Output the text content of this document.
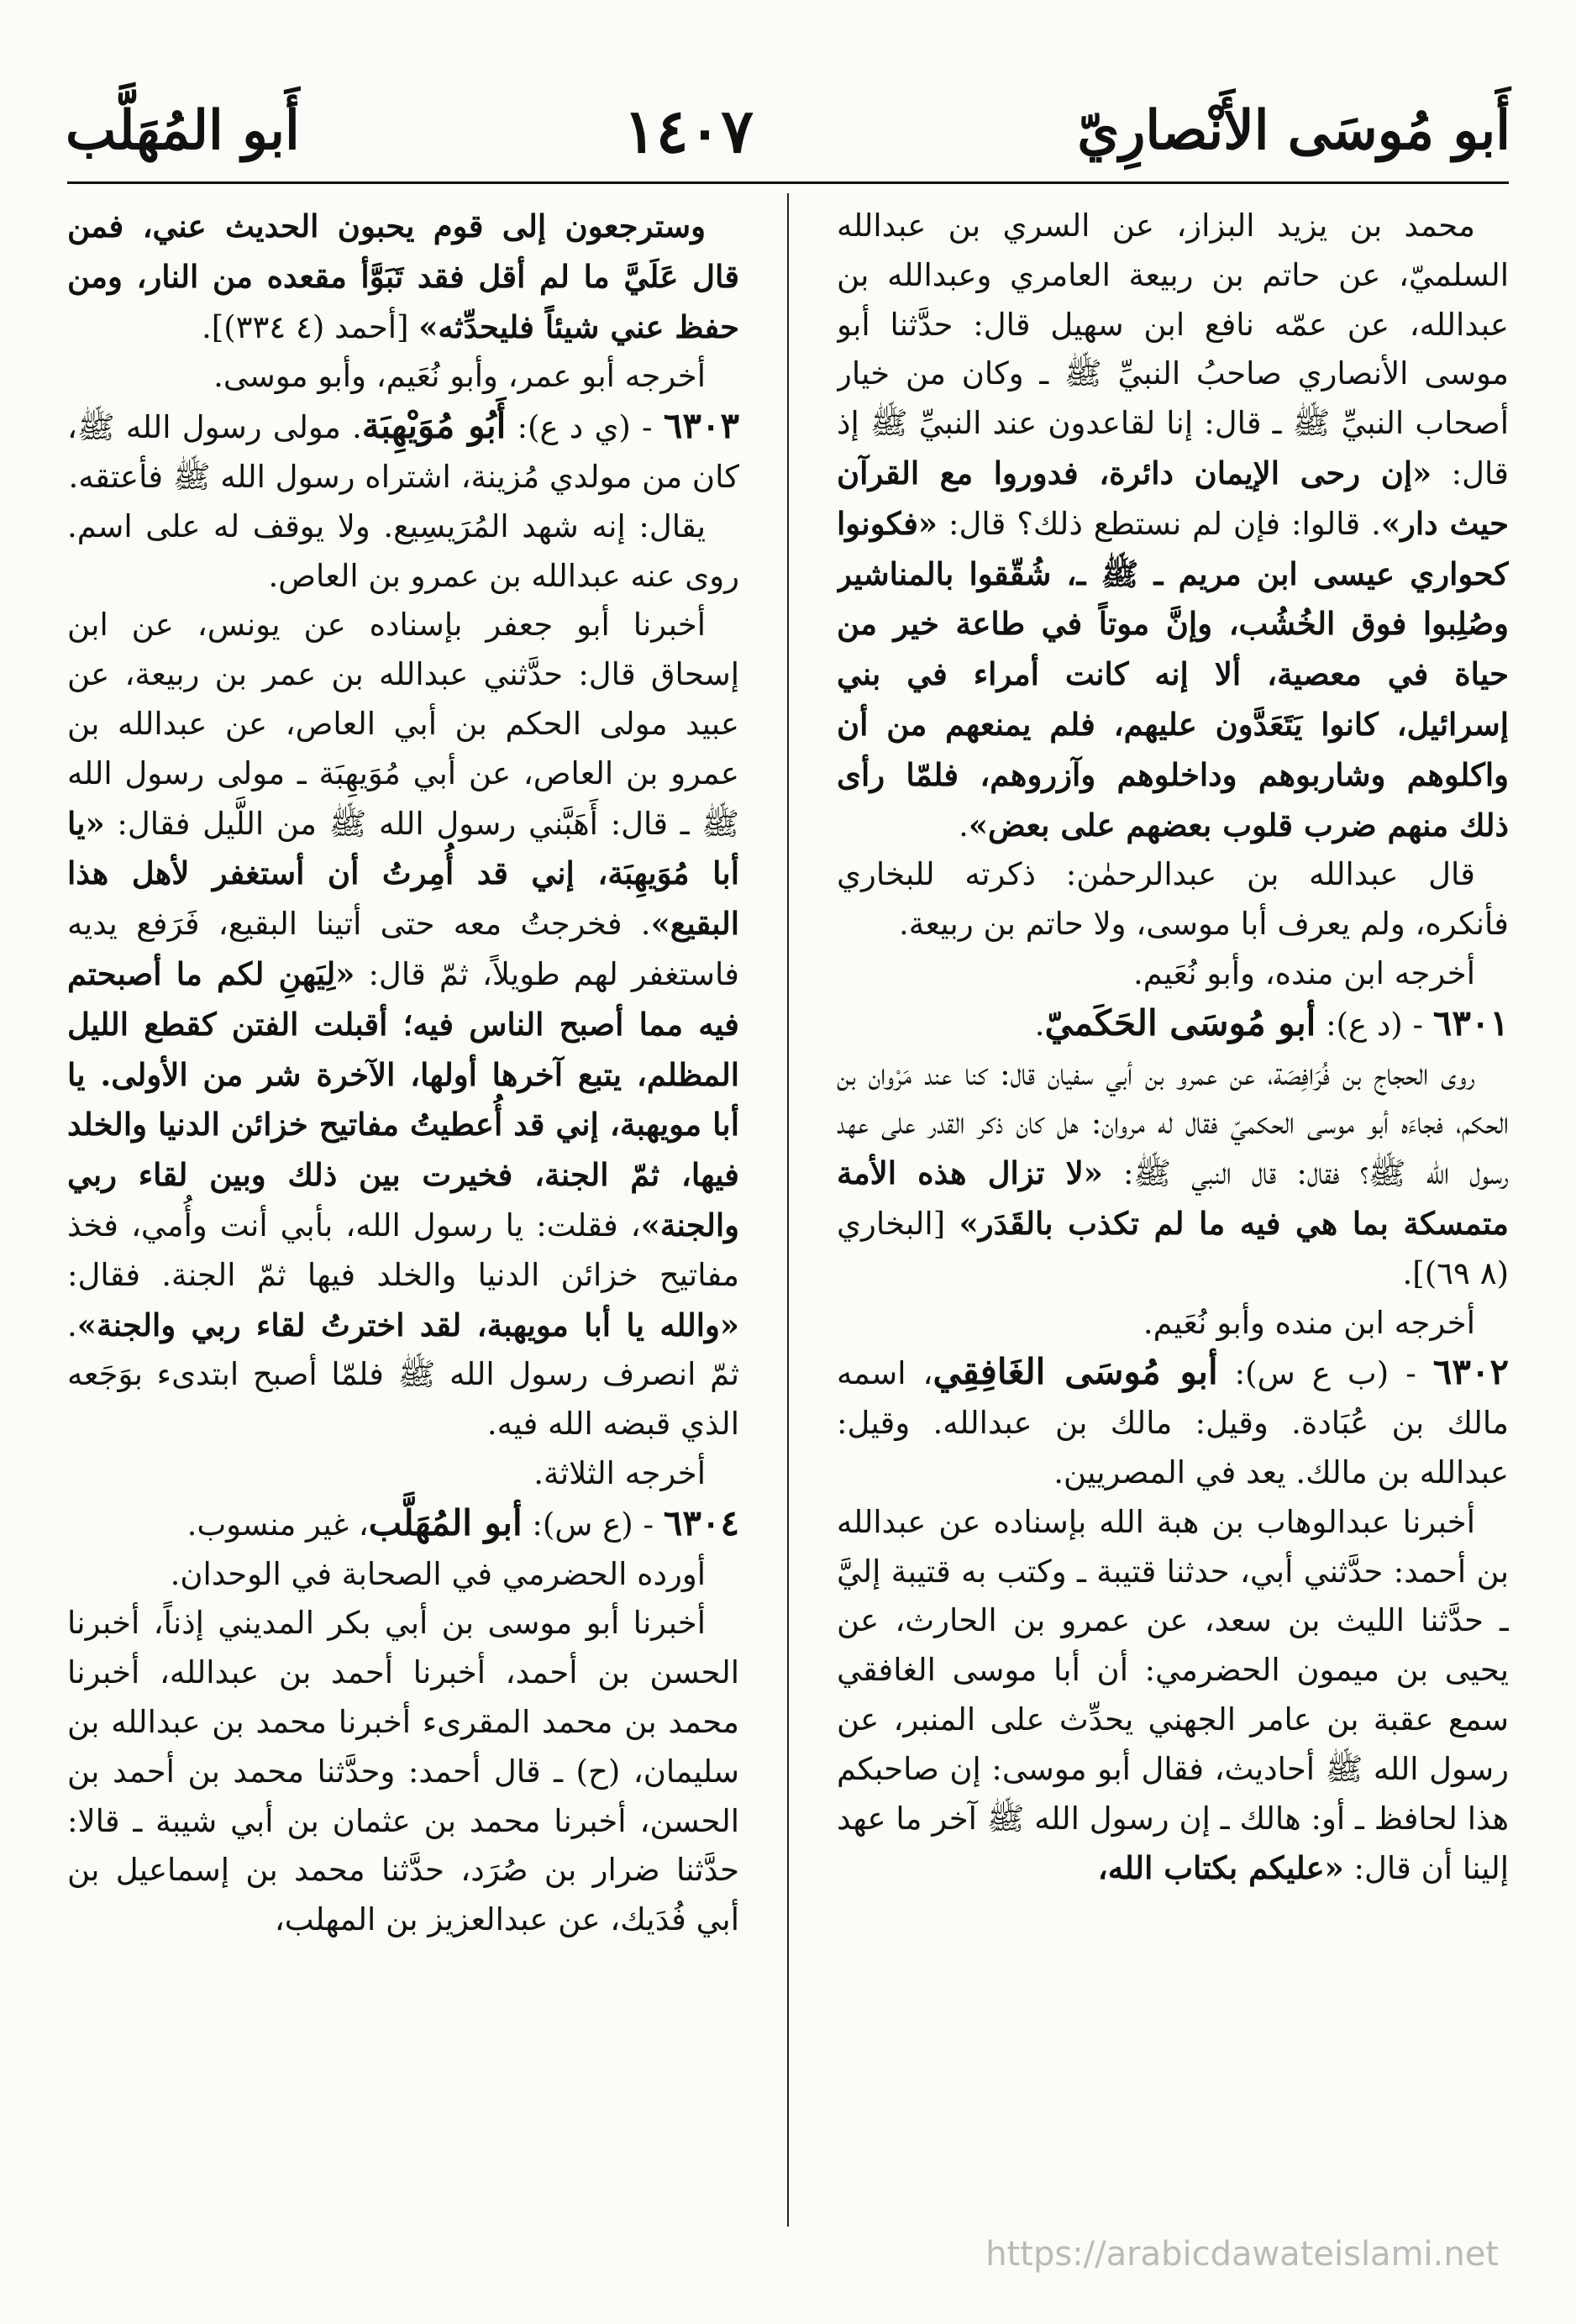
أَبو مُوسَى الأَنْصارِيّ
١٤٠٧
أَبو المُهَلَّب

محمد بن يزيد البزاز، عن السري بن عبدالله السلميّ، عن حاتم بن ربيعة العامري وعبدالله بن عبدالله، عن عمّه نافع ابن سهيل قال: حدَّثنا أبو موسى الأنصاري صاحبُ النبيِّ ﷺ ـ وكان من خيار أصحاب النبيِّ ﷺ ـ قال: إنا لقاعدون عند النبيِّ ﷺ إذ قال: «إن رحى الإيمان دائرة، فدوروا مع القرآن حيث دار». قالوا: فإن لم نستطع ذلك؟ قال: «فكونوا كحواري عيسى ابن مريم ـ ﷺ ـ، شُقّقوا بالمناشير وصُلِبوا فوق الخُشُب، وإنَّ موتاً في طاعة خير من حياة في معصية، ألا إنه كانت أمراء في بني إسرائيل، كانوا يَتَعَدَّون عليهم، فلم يمنعهم من أن واكلوهم وشاربوهم وداخلوهم وآزروهم، فلمّا رأى ذلك منهم ضرب قلوب بعضهم على بعض».

قال عبدالله بن عبدالرحمٰن: ذكرته للبخاري فأنكره، ولم يعرف أبا موسى، ولا حاتم بن ربيعة.

أخرجه ابن منده، وأبو نُعَيم.

٦٣٠١ - (د ع): أبو مُوسَى الحَكَميّ.

روى الحجاج بن فُرَافِصَة، عن عمرو بن أبي سفيان قال: كنا عند مَرْوان بن الحكم، فجاءَه أبو موسى الحكميّ فقال له مروان: هل كان ذكر القدر على عهد رسول الله ﷺ؟ فقال: قال النبي ﷺ: «لا تزال هذه الأمة متمسكة بما هي فيه ما لم تكذب بالقَدَر» [البخاري (٨ ٦٩)].

أخرجه ابن منده وأبو نُعَيم.

٦٣٠٢ - (ب ع س): أبو مُوسَى الغَافِقِي، اسمه مالك بن عُبَادة. وقيل: مالك بن عبدالله. وقيل: عبدالله بن مالك. يعد في المصريين.

أخبرنا عبدالوهاب بن هبة الله بإسناده عن عبدالله بن أحمد: حدَّثني أبي، حدثنا قتيبة ـ وكتب به قتيبة إليَّ ـ حدَّثنا الليث بن سعد، عن عمرو بن الحارث، عن يحيى بن ميمون الحضرمي: أن أبا موسى الغافقي سمع عقبة بن عامر الجهني يحدِّث على المنبر، عن رسول الله ﷺ أحاديث، فقال أبو موسى: إن صاحبكم هذا لحافظ ـ أو: هالك ـ إن رسول الله ﷺ آخر ما عهد إلينا أن قال: «عليكم بكتاب الله،

وسترجعون إلى قوم يحبون الحديث عني، فمن قال عَلَيَّ ما لم أقل فقد تَبَوَّأ مقعده من النار، ومن حفظ عني شيئاً فليحدِّثه» [أحمد (٤ ٣٣٤)].

أخرجه أبو عمر، وأبو نُعَيم، وأبو موسى.

٦٣٠٣ - (ي د ع): أَبُو مُوَيْهِبَة. مولى رسول الله ﷺ، كان من مولدي مُزينة، اشتراه رسول الله ﷺ فأعتقه.

يقال: إنه شهد المُرَيسِيع. ولا يوقف له على اسم. روى عنه عبدالله بن عمرو بن العاص.

أخبرنا أبو جعفر بإسناده عن يونس، عن ابن إسحاق قال: حدَّثني عبدالله بن عمر بن ربيعة، عن عبيد مولى الحكم بن أبي العاص، عن عبدالله بن عمرو بن العاص، عن أبي مُوَيهِبَة ـ مولى رسول الله ﷺ ـ قال: أَهَبَّني رسول الله ﷺ من اللَّيل فقال: «يا أبا مُوَيهِبَة، إني قد أُمِرتُ أن أستغفر لأهل هذا البقيع». فخرجتُ معه حتى أتينا البقيع، فَرَفع يديه فاستغفر لهم طويلاً، ثمّ قال: «لِيَهنِ لكم ما أصبحتم فيه مما أصبح الناس فيه؛ أقبلت الفتن كقطع الليل المظلم، يتبع آخرها أولها، الآخرة شر من الأولى. يا أبا مويهبة، إني قد أُعطيتُ مفاتيح خزائن الدنيا والخلد فيها، ثمّ الجنة، فخيرت بين ذلك وبين لقاء ربي والجنة»، فقلت: يا رسول الله، بأبي أنت وأُمي، فخذ مفاتيح خزائن الدنيا والخلد فيها ثمّ الجنة. فقال: «والله يا أبا مويهبة، لقد اخترتُ لقاء ربي والجنة». ثمّ انصرف رسول الله ﷺ فلمّا أصبح ابتدىء بوَجَعه الذي قبضه الله فيه.

أخرجه الثلاثة.

٦٣٠٤ - (ع س): أبو المُهَلَّب، غير منسوب.

أورده الحضرمي في الصحابة في الوحدان.

أخبرنا أبو موسى بن أبي بكر المديني إذناً، أخبرنا الحسن بن أحمد، أخبرنا أحمد بن عبدالله، أخبرنا محمد بن محمد المقرىء أخبرنا محمد بن عبدالله بن سليمان، (ح) ـ قال أحمد: وحدَّثنا محمد بن أحمد بن الحسن، أخبرنا محمد بن عثمان بن أبي شيبة ـ قالا: حدَّثنا ضرار بن صُرَد، حدَّثنا محمد بن إسماعيل بن أبي فُدَيك، عن عبدالعزيز بن المهلب،

https://arabicdawateislami.net
